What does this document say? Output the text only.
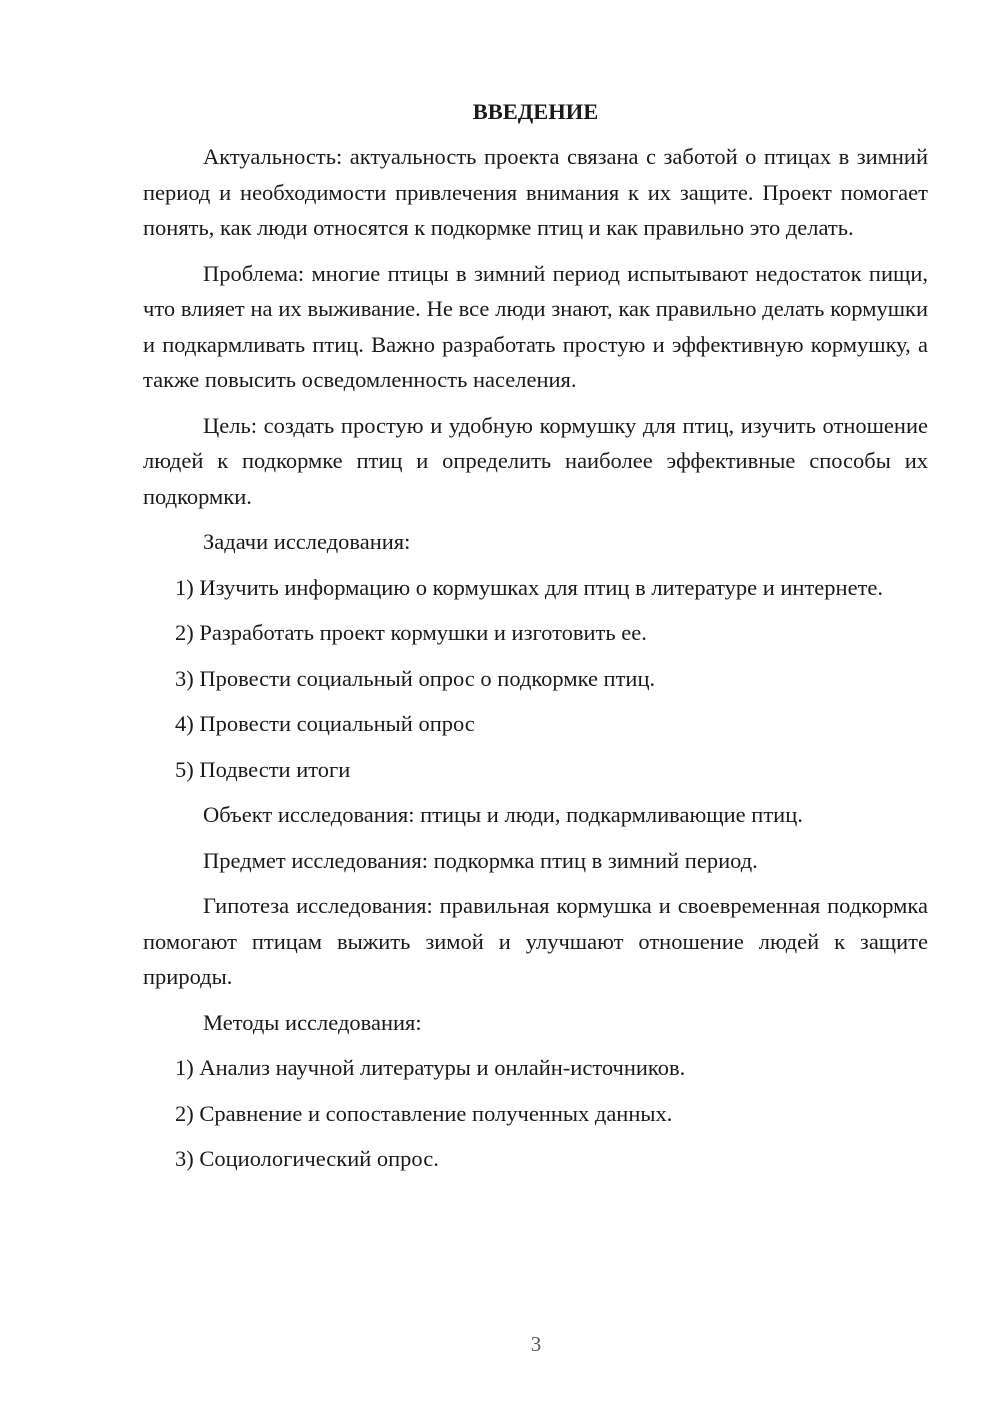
ВВЕДЕНИЕ
Актуальность: актуальность проекта связана с заботой о птицах в зимний период и необходимости привлечения внимания к их защите. Проект помогает понять, как люди относятся к подкормке птиц и как правильно это делать.
Проблема: многие птицы в зимний период испытывают недостаток пищи, что влияет на их выживание. Не все люди знают, как правильно делать кормушки и подкармливать птиц. Важно разработать простую и эффективную кормушку, а также повысить осведомленность населения.
Цель: создать простую и удобную кормушку для птиц, изучить отношение людей к подкормке птиц и определить наиболее эффективные способы их подкормки.
Задачи исследования:
1) Изучить информацию о кормушках для птиц в литературе и интернете.
2) Разработать проект кормушки и изготовить ее.
3) Провести социальный опрос о подкормке птиц.
4) Провести социальный опрос
5) Подвести итоги
Объект исследования: птицы и люди, подкармливающие птиц.
Предмет исследования: подкормка птиц в зимний период.
Гипотеза исследования: правильная кормушка и своевременная подкормка помогают птицам выжить зимой и улучшают отношение людей к защите природы.
Методы исследования:
1) Анализ научной литературы и онлайн-источников.
2) Сравнение и сопоставление полученных данных.
3) Социологический опрос.
3
